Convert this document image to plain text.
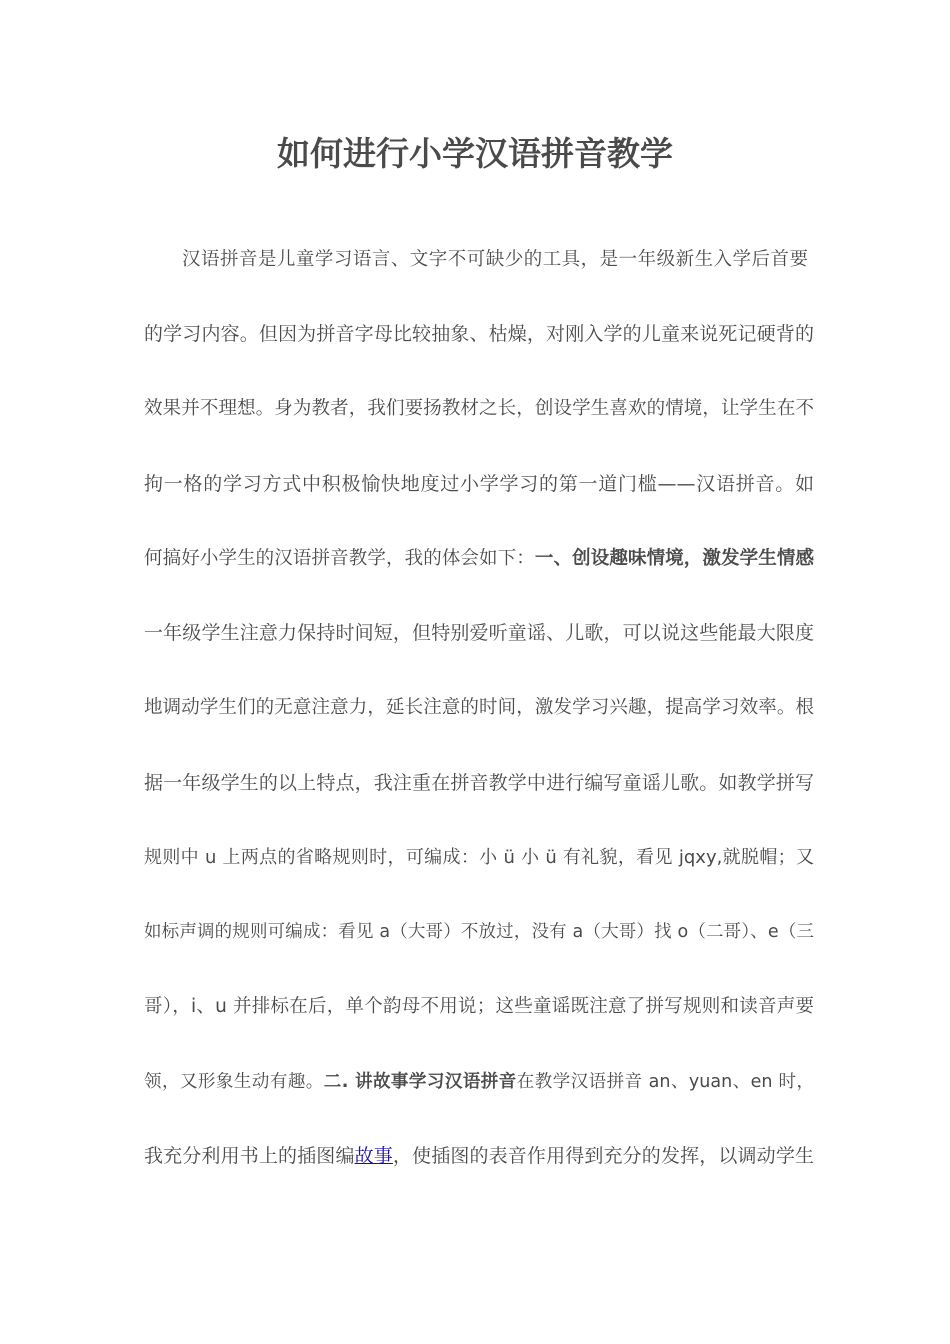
如何进行小学汉语拼音教学
汉语拼音是儿童学习语言、文字不可缺少的工具，是一年级新生入学后首要
的学习内容。但因为拼音字母比较抽象、枯燥，对刚入学的儿童来说死记硬背的
效果并不理想。身为教者，我们要扬教材之长，创设学生喜欢的情境，让学生在不
拘一格的学习方式中积极愉快地度过小学学习的第一道门槛——汉语拼音。如
何搞好小学生的汉语拼音教学，我的体会如下：一、创设趣味情境，激发学生情感
一年级学生注意力保持时间短，但特别爱听童谣、儿歌，可以说这些能最大限度
地调动学生们的无意注意力，延长注意的时间，激发学习兴趣，提高学习效率。根
据一年级学生的以上特点，我注重在拼音教学中进行编写童谣儿歌。如教学拼写
规则中 u 上两点的省略规则时，可编成：小 ü 小 ü 有礼貌，看见 jqxy,就脱帽；又
如标声调的规则可编成：看见 a（大哥）不放过，没有 a（大哥）找 o（二哥）、e（三
哥），i、u 并排标在后，单个韵母不用说；这些童谣既注意了拼写规则和读音声要
领，又形象生动有趣。二. 讲故事学习汉语拼音在教学汉语拼音 an、yuan、en 时，
我充分利用书上的插图编故事，使插图的表音作用得到充分的发挥，以调动学生
